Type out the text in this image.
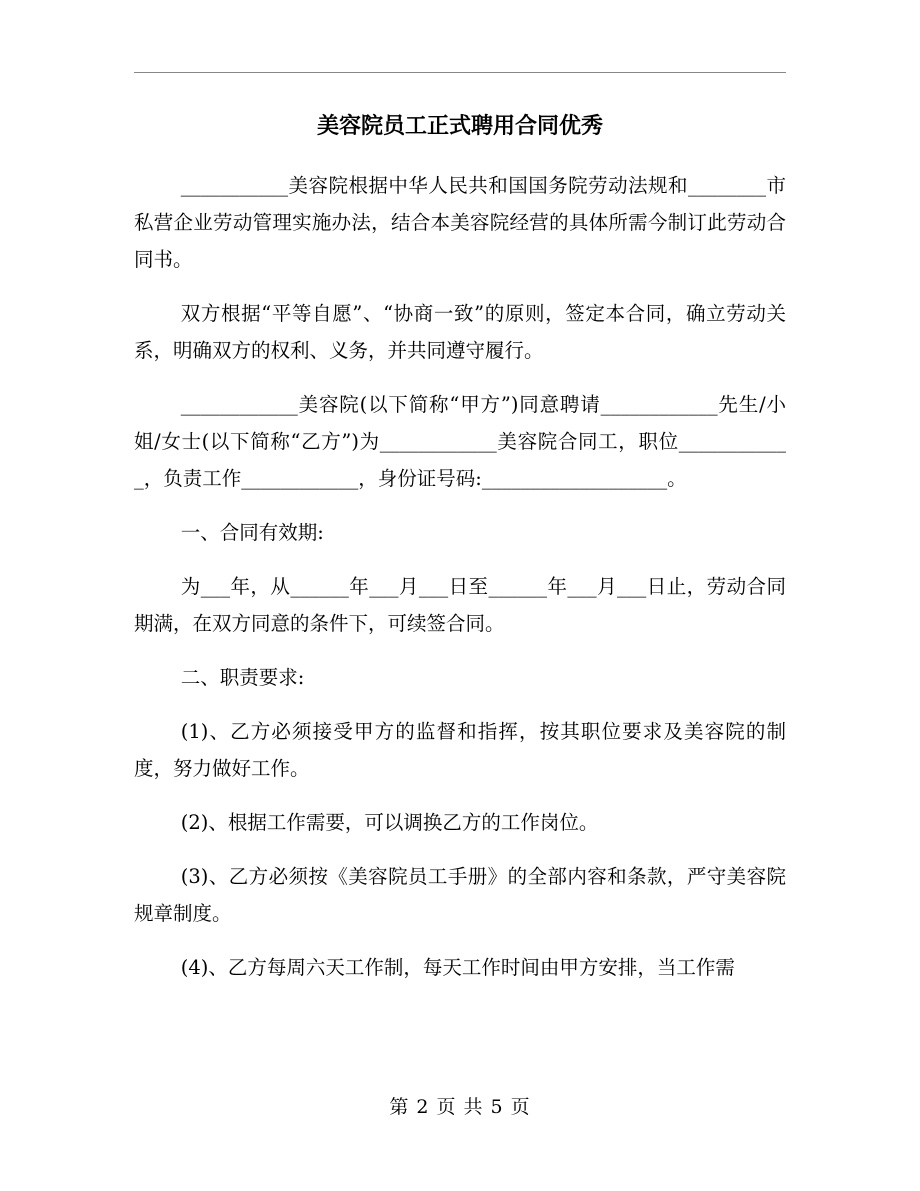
美容院员工正式聘用合同优秀

___________美容院根据中华人民共和国国务院劳动法规和________市私营企业劳动管理实施办法，结合本美容院经营的具体所需今制订此劳动合同书。

双方根据“平等自愿”、“协商一致”的原则，签定本合同，确立劳动关系，明确双方的权利、义务，并共同遵守履行。

____________美容院(以下简称“甲方”)同意聘请____________先生/小姐/女士(以下简称“乙方”)为____________美容院合同工，职位____________，负责工作____________，身份证号码:___________________。

一、合同有效期:

为___年，从______年___月___日至______年___月___日止，劳动合同期满，在双方同意的条件下，可续签合同。

二、职责要求:

(1)、乙方必须接受甲方的监督和指挥，按其职位要求及美容院的制度，努力做好工作。

(2)、根据工作需要，可以调换乙方的工作岗位。

(3)、乙方必须按《美容院员工手册》的全部内容和条款，严守美容院规章制度。

(4)、乙方每周六天工作制，每天工作时间由甲方安排，当工作需

第 2 页 共 5 页
